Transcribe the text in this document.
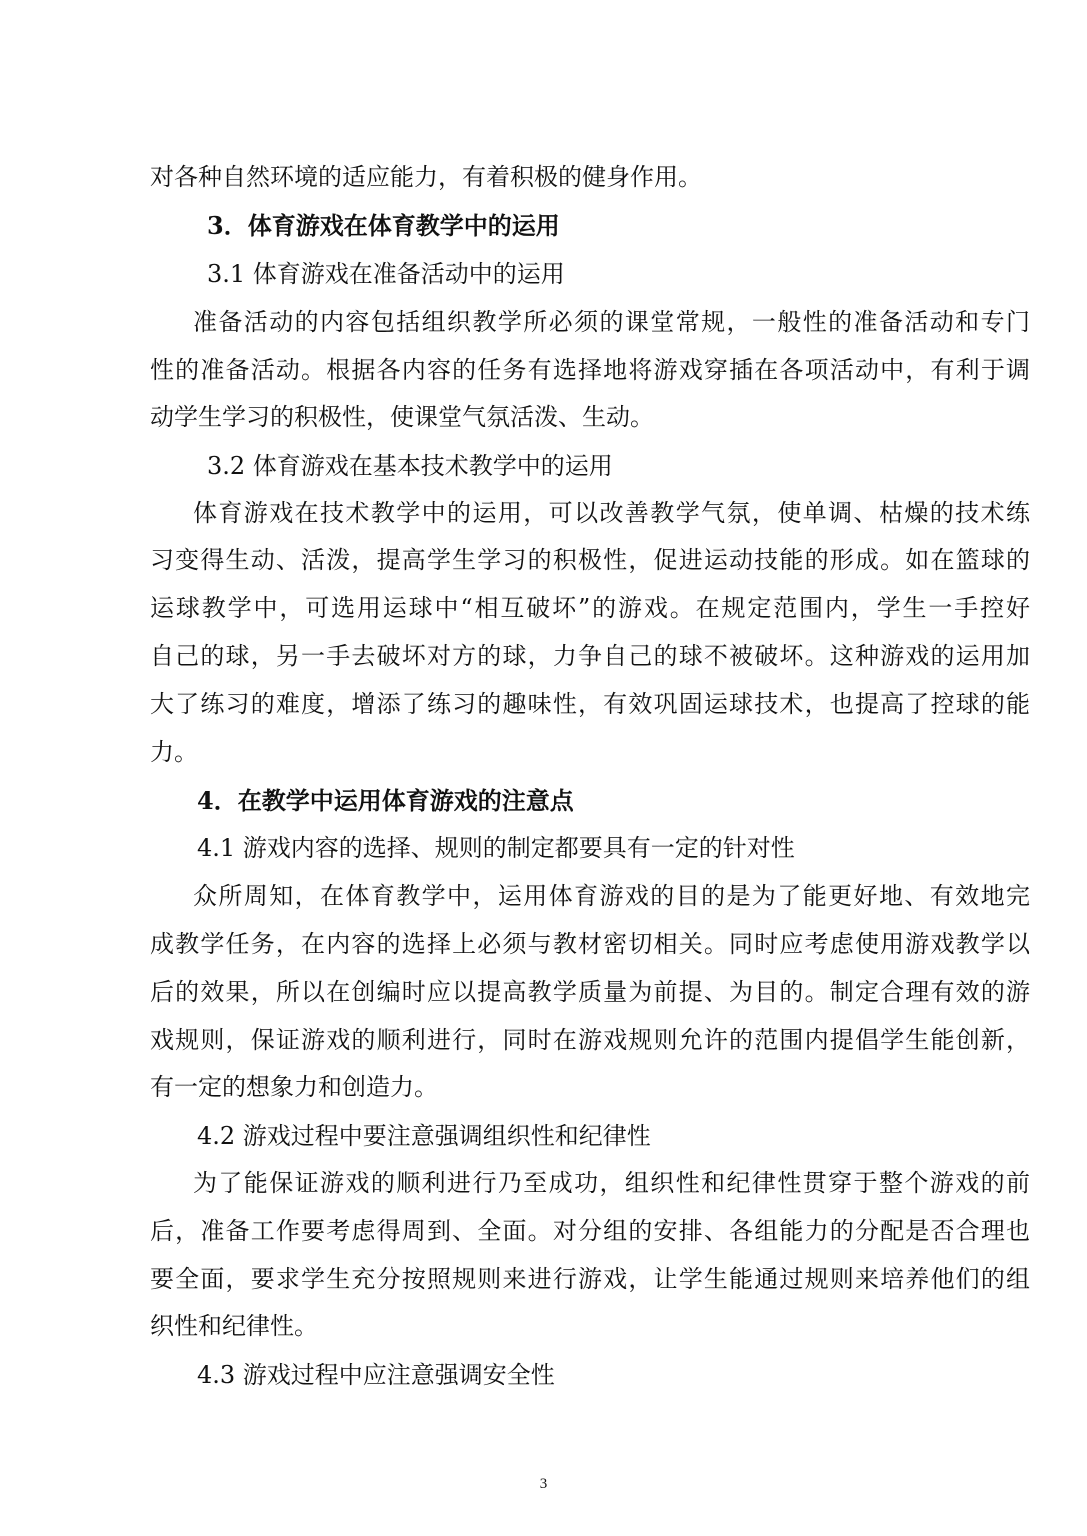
对各种自然环境的适应能力，有着积极的健身作用。
3．体育游戏在体育教学中的运用
3.1 体育游戏在准备活动中的运用
准备活动的内容包括组织教学所必须的课堂常规，一般性的准备活动和专门
性的准备活动。根据各内容的任务有选择地将游戏穿插在各项活动中，有利于调
动学生学习的积极性，使课堂气氛活泼、生动。
3.2 体育游戏在基本技术教学中的运用
体育游戏在技术教学中的运用，可以改善教学气氛，使单调、枯燥的技术练
习变得生动、活泼，提高学生学习的积极性，促进运动技能的形成。如在篮球的
运球教学中，可选用运球中“相互破坏”的游戏。在规定范围内，学生一手控好
自己的球，另一手去破坏对方的球，力争自己的球不被破坏。这种游戏的运用加
大了练习的难度，增添了练习的趣味性，有效巩固运球技术，也提高了控球的能
力。
4．在教学中运用体育游戏的注意点
4.1 游戏内容的选择、规则的制定都要具有一定的针对性
众所周知，在体育教学中，运用体育游戏的目的是为了能更好地、有效地完
成教学任务，在内容的选择上必须与教材密切相关。同时应考虑使用游戏教学以
后的效果，所以在创编时应以提高教学质量为前提、为目的。制定合理有效的游
戏规则，保证游戏的顺利进行，同时在游戏规则允许的范围内提倡学生能创新，
有一定的想象力和创造力。
4.2 游戏过程中要注意强调组织性和纪律性
为了能保证游戏的顺利进行乃至成功，组织性和纪律性贯穿于整个游戏的前
后，准备工作要考虑得周到、全面。对分组的安排、各组能力的分配是否合理也
要全面，要求学生充分按照规则来进行游戏，让学生能通过规则来培养他们的组
织性和纪律性。
4.3 游戏过程中应注意强调安全性
3
